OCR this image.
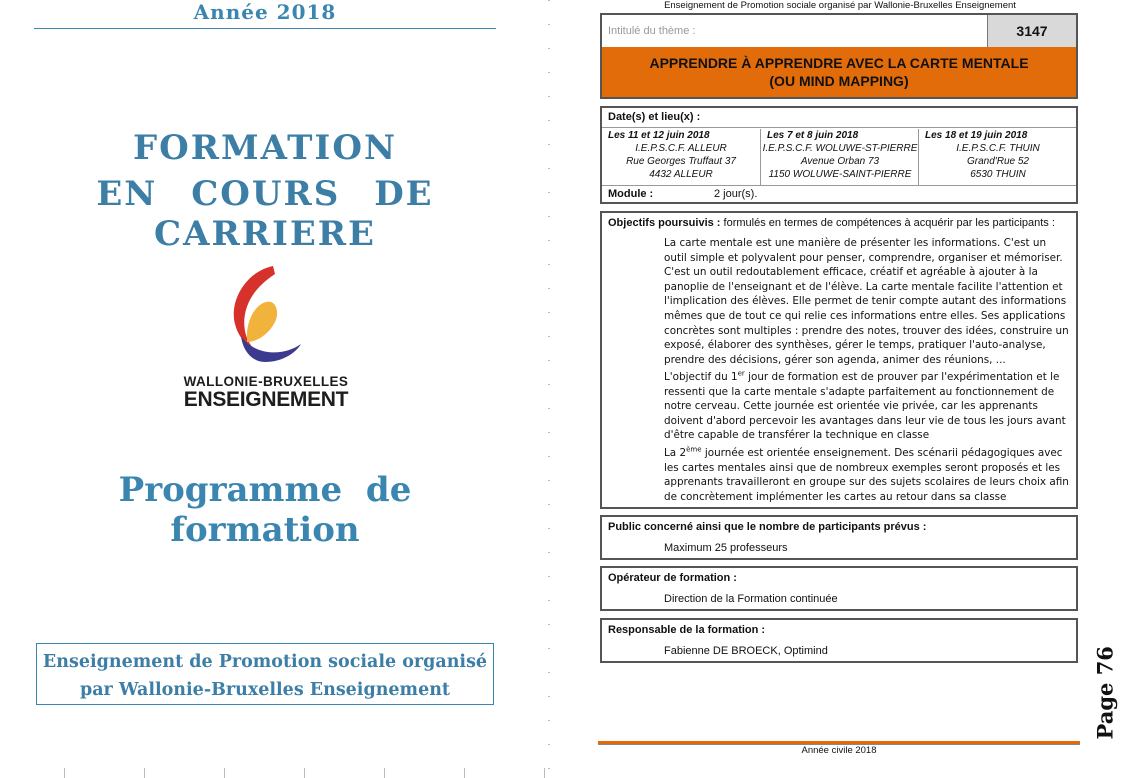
Année 2018
FORMATION
EN COURS DE CARRIERE
WALLONIE-BRUXELLES
ENSEIGNEMENT
Programme de formation
Enseignement de Promotion sociale organisé
par Wallonie-Bruxelles Enseignement
Enseignement de Promotion sociale organisé par Wallonie-Bruxelles Enseignement
Intitulé du thème :	3147
APPRENDRE À APPRENDRE AVEC LA CARTE MENTALE
(OU MIND MAPPING)
Date(s) et lieu(x) :
Les 11 et 12 juin 2018
I.E.P.S.C.F. ALLEUR
Rue Georges Truffaut 37
4432 ALLEUR
Les 7 et 8 juin 2018
I.E.P.S.C.F. WOLUWE-ST-PIERRE
Avenue Orban 73
1150 WOLUWE-SAINT-PIERRE
Les 18 et 19 juin 2018
I.E.P.S.C.F. THUIN
Grand'Rue 52
6530 THUIN
Module :	2 jour(s).
Objectifs poursuivis : formulés en termes de compétences à acquérir par les participants :
La carte mentale est une manière de présenter les informations. C'est un outil simple et polyvalent pour penser, comprendre, organiser et mémoriser. C'est un outil redoutablement efficace, créatif et agréable à ajouter à la panoplie de l'enseignant et de l'élève. La carte mentale facilite l'attention et l'implication des élèves. Elle permet de tenir compte autant des informations mêmes que de tout ce qui relie ces informations entre elles. Ses applications concrètes sont multiples : prendre des notes, trouver des idées, construire un exposé, élaborer des synthèses, gérer le temps, pratiquer l'auto-analyse, prendre des décisions, gérer son agenda, animer des réunions, ...
L'objectif du 1er jour de formation est de prouver par l'expérimentation et le ressenti que la carte mentale s'adapte parfaitement au fonctionnement de notre cerveau. Cette journée est orientée vie privée, car les apprenants doivent d'abord percevoir les avantages dans leur vie de tous les jours avant d'être capable de transférer la technique en classe
La 2ème journée est orientée enseignement. Des scénarii pédagogiques avec les cartes mentales ainsi que de nombreux exemples seront proposés et les apprenants travailleront en groupe sur des sujets scolaires de leurs choix afin de concrètement implémenter les cartes au retour dans sa classe
Public concerné ainsi que le nombre de participants prévus :
Maximum 25 professeurs
Opérateur de formation :
Direction de la Formation continuée
Responsable de la formation :
Fabienne DE BROECK, Optimind
Année civile 2018
Page 76
